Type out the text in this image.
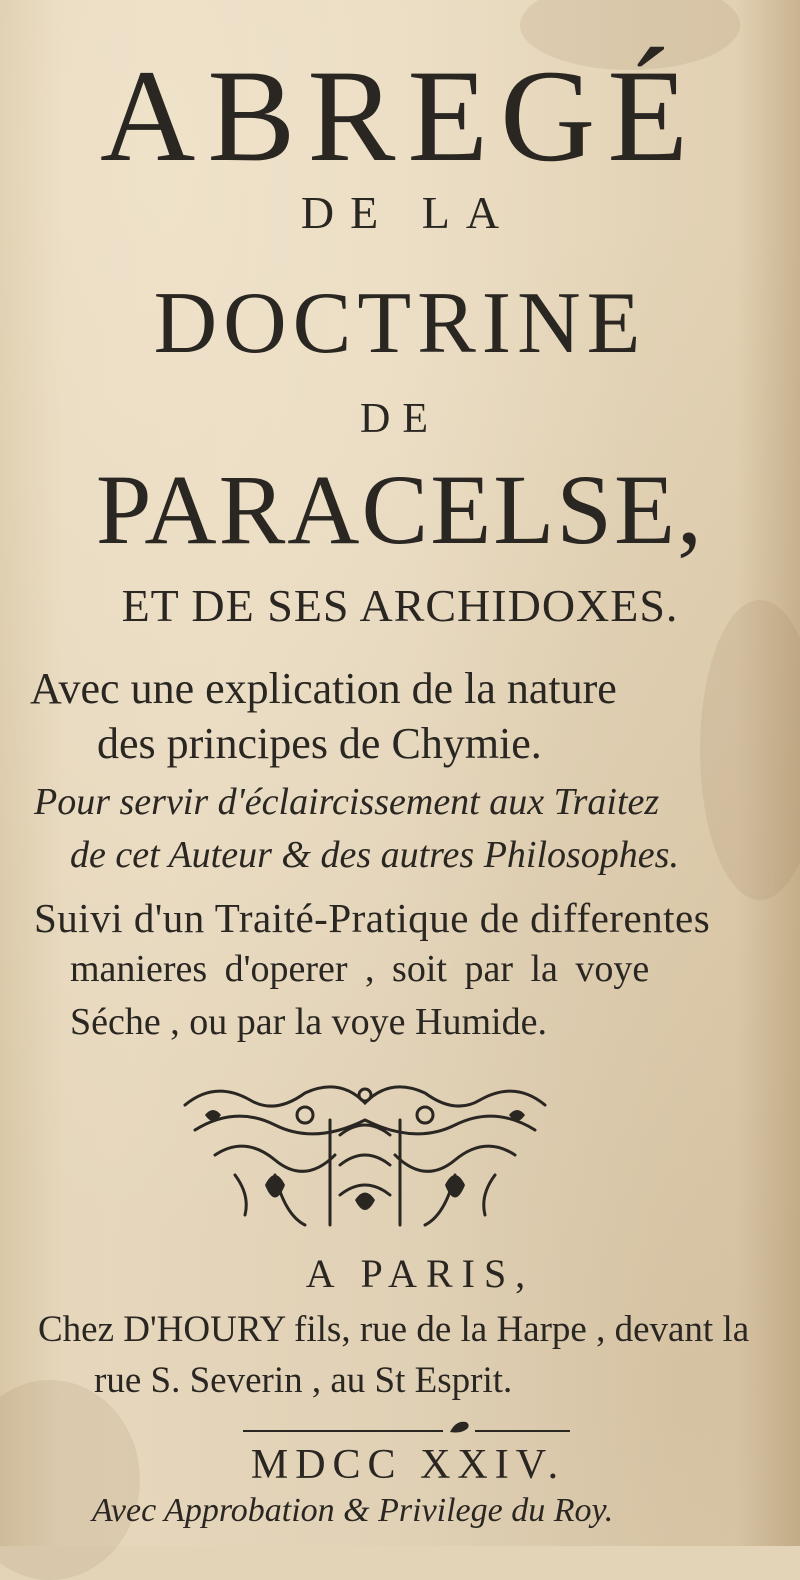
ABREGÉ
DE LA
DOCTRINE
DE
PARACELSE,
ET DE SES ARCHIDOXES.
Avec une explication de la nature
des principes de Chymie.
Pour servir d'éclaircissement aux Traitez
de cet Auteur & des autres Philosophes.
Suivi d'un Traité-Pratique de differentes
manieres d'operer , soit par la voye
Séche , ou par la voye Humide.
A PARIS,
Chez D'HOURY fils, rue de la Harpe , devant la
rue S. Severin , au St Esprit.
MDCC XXIV.
Avec Approbation & Privilege du Roy.
